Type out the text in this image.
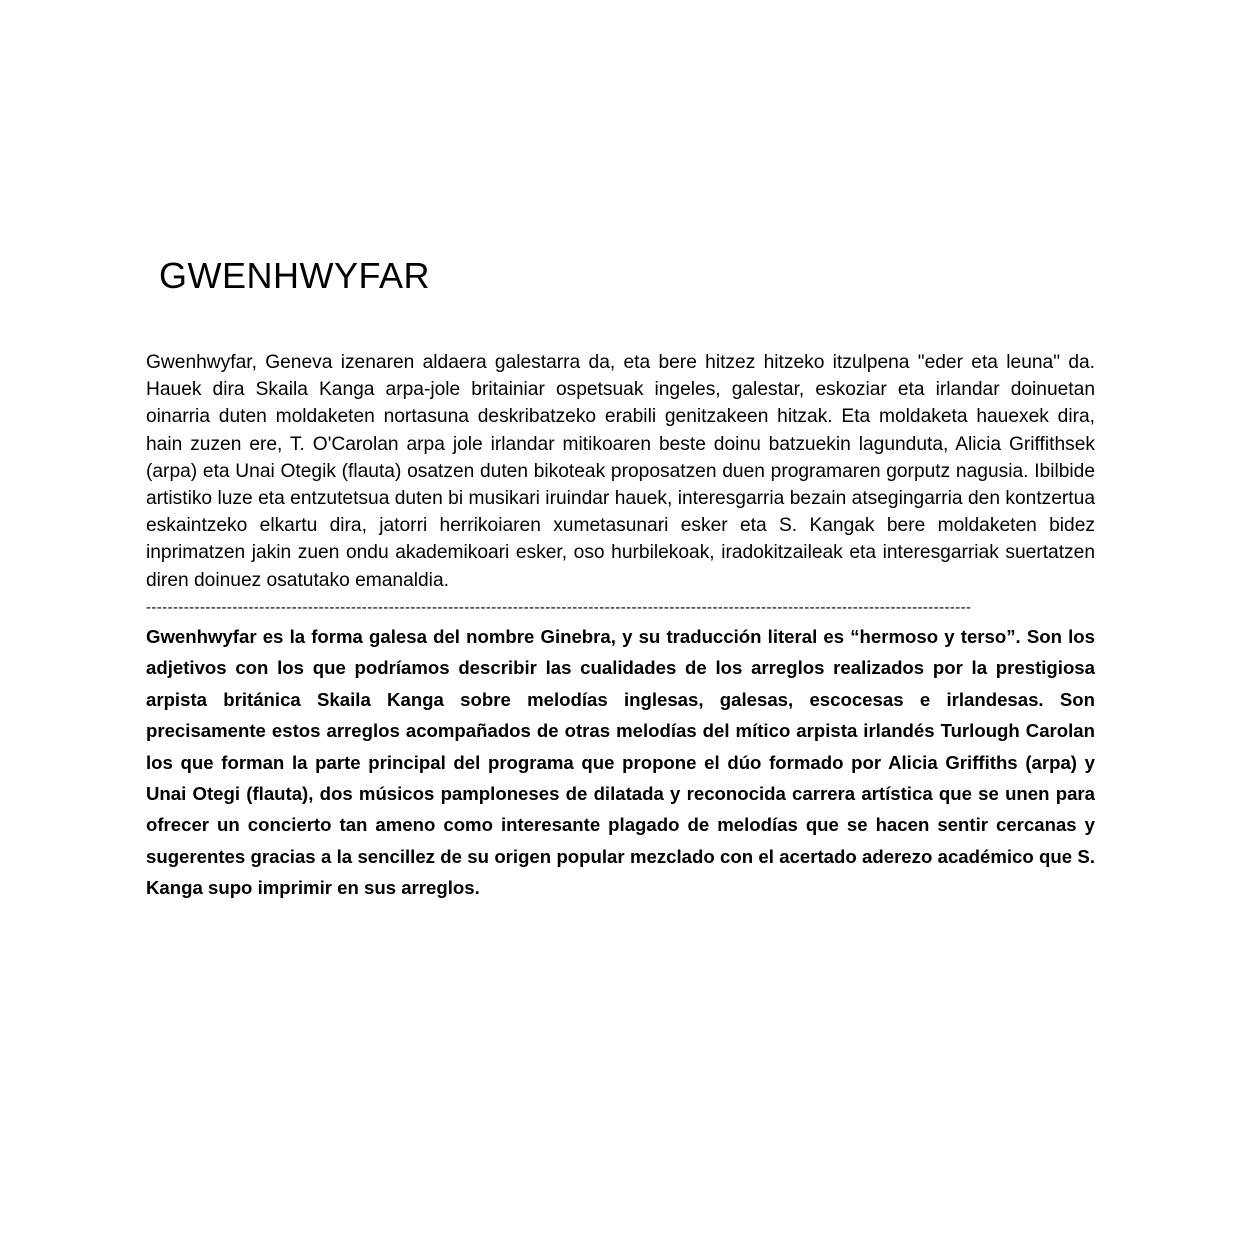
GWENHWYFAR

Gwenhwyfar, Geneva izenaren aldaera galestarra da, eta bere hitzez hitzeko itzulpena "eder eta leuna" da. Hauek dira Skaila Kanga arpa-jole britainiar ospetsuak ingeles, galestar, eskoziar eta irlandar doinuetan oinarria duten moldaketen nortasuna deskribatzeko erabili genitzakeen hitzak. Eta moldaketa hauexek dira, hain zuzen ere, T. O'Carolan arpa jole irlandar mitikoaren beste doinu batzuekin lagunduta, Alicia Griffithsek (arpa) eta Unai Otegik (flauta) osatzen duten bikoteak proposatzen duen programaren gorputz nagusia. Ibilbide artistiko luze eta entzutetsua duten bi musikari iruindar hauek, interesgarria bezain atsegingarria den kontzertua eskaintzeko elkartu dira, jatorri herrikoiaren xumetasunari esker eta S. Kangak bere moldaketen bidez inprimatzen jakin zuen ondu akademikoari esker, oso hurbilekoak, iradokitzaileak eta interesgarriak suertatzen diren doinuez osatutako emanaldia.

---------------------------------------------------------------------------------------------------------------------------------------------------------

Gwenhwyfar es la forma galesa del nombre Ginebra, y su traducción literal es “hermoso y terso”. Son los adjetivos con los que podríamos describir las cualidades de los arreglos realizados por la prestigiosa arpista británica Skaila Kanga sobre melodías inglesas, galesas, escocesas e irlandesas. Son precisamente estos arreglos acompañados de otras melodías del mítico arpista irlandés Turlough Carolan los que forman la parte principal del programa que propone el dúo formado por Alicia Griffiths (arpa) y Unai Otegi (flauta), dos músicos pamploneses de dilatada y reconocida carrera artística que se unen para ofrecer un concierto tan ameno como interesante plagado de melodías que se hacen sentir cercanas y sugerentes gracias a la sencillez de su origen popular mezclado con el acertado aderezo académico que S. Kanga supo imprimir en sus arreglos.
